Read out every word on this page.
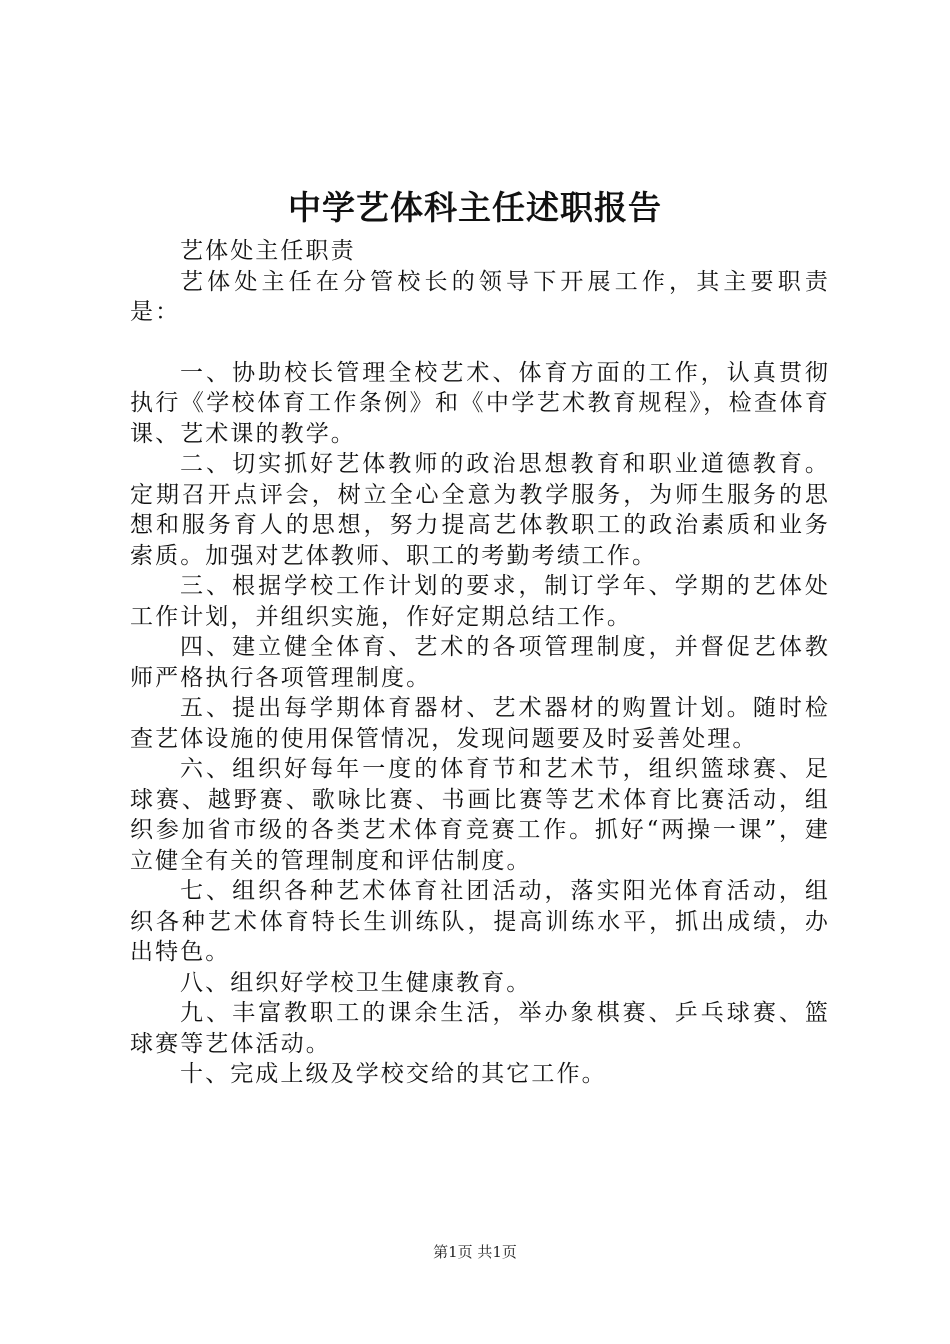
中学艺体科主任述职报告

艺体处主任职责

艺体处主任在分管校长的领导下开展工作，其主要职责是：

一、协助校长管理全校艺术、体育方面的工作，认真贯彻执行《学校体育工作条例》和《中学艺术教育规程》，检查体育课、艺术课的教学。

二、切实抓好艺体教师的政治思想教育和职业道德教育。定期召开点评会，树立全心全意为教学服务，为师生服务的思想和服务育人的思想，努力提高艺体教职工的政治素质和业务索质。加强对艺体教师、职工的考勤考绩工作。

三、根据学校工作计划的要求，制订学年、学期的艺体处工作计划，并组织实施，作好定期总结工作。

四、建立健全体育、艺术的各项管理制度，并督促艺体教师严格执行各项管理制度。

五、提出每学期体育器材、艺术器材的购置计划。随时检查艺体设施的使用保管情况，发现问题要及时妥善处理。

六、组织好每年一度的体育节和艺术节，组织篮球赛、足球赛、越野赛、歌咏比赛、书画比赛等艺术体育比赛活动，组织参加省市级的各类艺术体育竞赛工作。抓好“两操一课”，建立健全有关的管理制度和评估制度。

七、组织各种艺术体育社团活动，落实阳光体育活动，组织各种艺术体育特长生训练队，提高训练水平，抓出成绩，办出特色。

八、组织好学校卫生健康教育。

九、丰富教职工的课余生活，举办象棋赛、乒乓球赛、篮球赛等艺体活动。

十、完成上级及学校交给的其它工作。

第1页 共1页
